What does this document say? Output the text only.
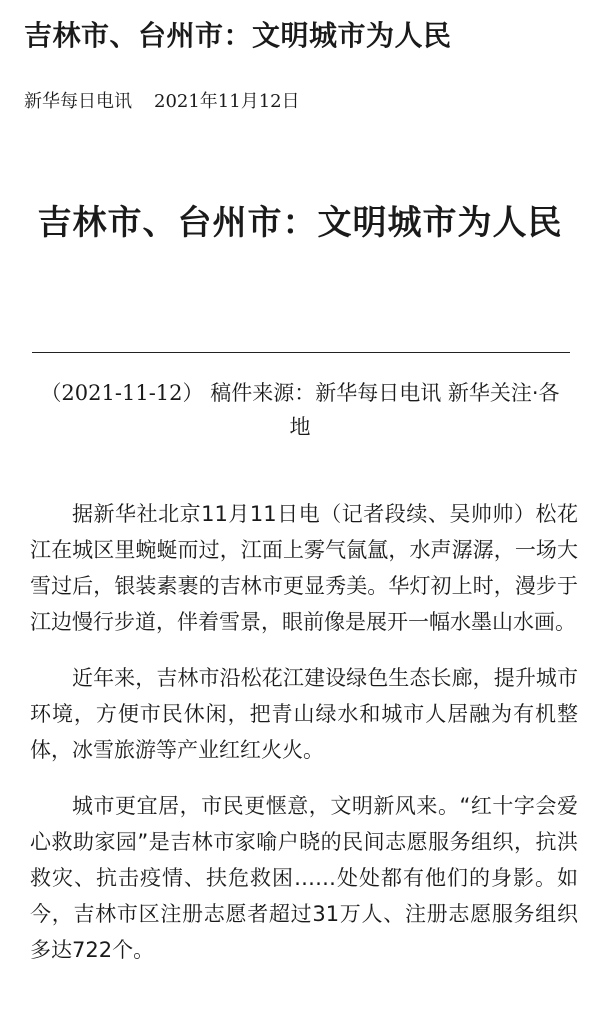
吉林市、台州市：文明城市为人民
新华每日电讯 2021年11月12日
吉林市、台州市：文明城市为人民
（2021-11-12） 稿件来源：新华每日电讯 新华关注·各地

据新华社北京11月11日电（记者段续、吴帅帅）松花江在城区里蜿蜒而过，江面上雾气氤氲，水声潺潺，一场大雪过后，银装素裹的吉林市更显秀美。华灯初上时，漫步于江边慢行步道，伴着雪景，眼前像是展开一幅水墨山水画。

近年来，吉林市沿松花江建设绿色生态长廊，提升城市环境，方便市民休闲，把青山绿水和城市人居融为有机整体，冰雪旅游等产业红红火火。

城市更宜居，市民更惬意，文明新风来。“红十字会爱心救助家园”是吉林市家喻户晓的民间志愿服务组织，抗洪救灾、抗击疫情、扶危救困……处处都有他们的身影。如今，吉林市区注册志愿者超过31万人、注册志愿服务组织多达722个。
